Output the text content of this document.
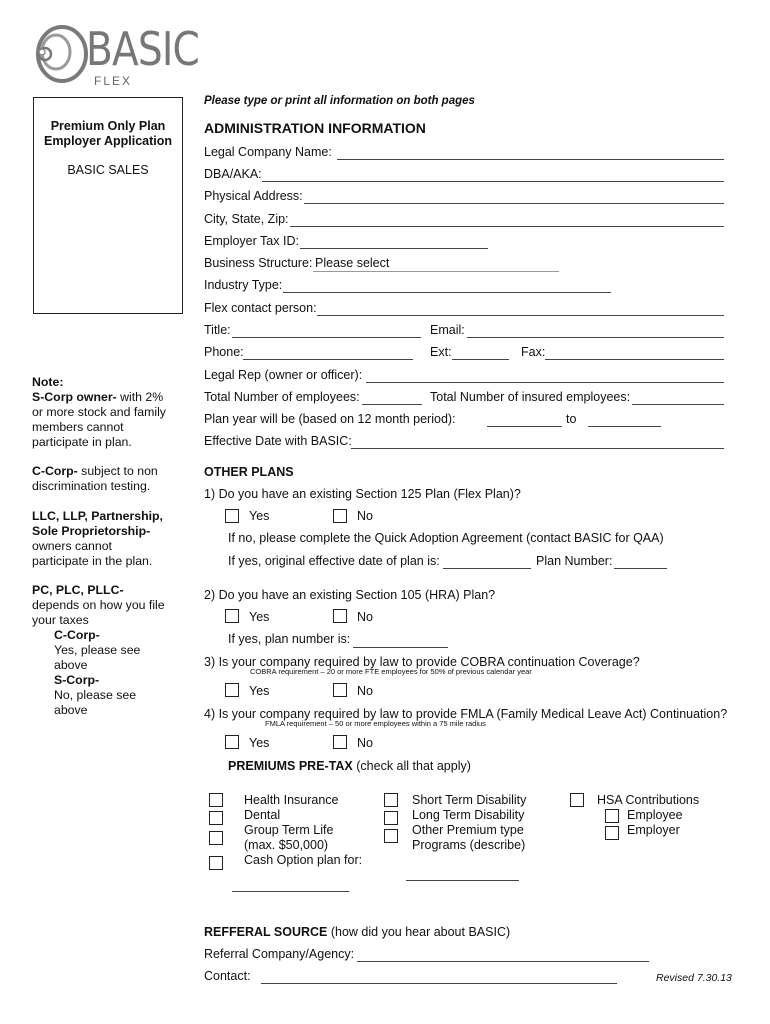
BASIC
FLEX
Please type or print all information on both pages
Premium Only Plan
Employer Application
BASIC SALES
Note:
S-Corp owner- with 2%
or more stock and family
members cannot
participate in plan.
C-Corp- subject to non
discrimination testing.
LLC, LLP, Partnership,
Sole Proprietorship-
owners cannot
participate in the plan.
PC, PLC, PLLC-
depends on how you file
your taxes

C-Corp-
Yes, please see
above
S-Corp-
No, please see
above
ADMINISTRATION INFORMATION
Legal Company Name:
DBA/AKA:
Physical Address:
City, State, Zip:
Employer Tax ID:
Business Structure: Please select
Industry Type:
Flex contact person:
Title:	Email:
Phone:	Ext:	Fax:
Legal Rep (owner or officer):
Total Number of employees:	Total Number of insured employees:
Plan year will be (based on 12 month period):	to
Effective Date with BASIC:
OTHER PLANS
1) Do you have an existing Section 125 Plan (Flex Plan)?
Yes	No
If no, please complete the Quick Adoption Agreement (contact BASIC for QAA)
If yes, original effective date of plan is:	Plan Number:
2) Do you have an existing Section 105 (HRA) Plan?
Yes	No
If yes, plan number is:
3) Is your company required by law to provide COBRA continuation Coverage?
COBRA requirement – 20 or more FTE employees for 50% of previous calendar year
Yes	No
4) Is your company required by law to provide FMLA (Family Medical Leave Act) Continuation?
FMLA requirement – 50 or more employees within a 75 mile radius
Yes	No
PREMIUMS PRE-TAX (check all that apply)
Health Insurance
Dental
Group Term Life
(max. $50,000)
Cash Option plan for:
Short Term Disability
Long Term Disability
Other Premium type
Programs (describe)
HSA Contributions
Employee
Employer
REFFERAL SOURCE (how did you hear about BASIC)
Referral Company/Agency:
Contact:	Revised 7.30.13
